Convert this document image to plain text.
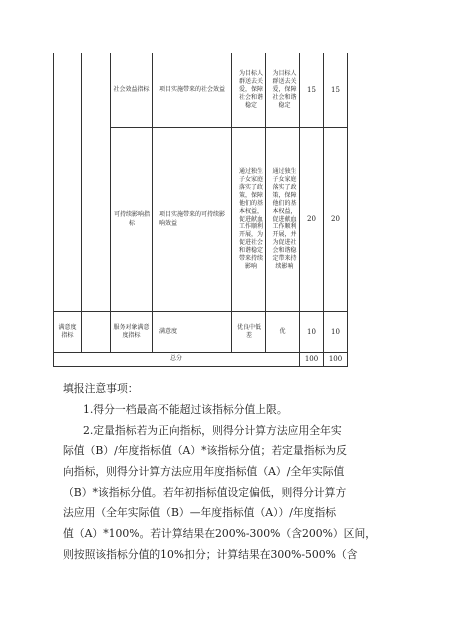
社会效益指标 项目实施带来的社会效益
为目标人群送去关爱，保障社会和谐稳定
为目标人群送去关爱，保障社会和谐稳定
15 15
可持续影响指标
项目实施带来的可持续影响效益
通过独生子女家庭落实了政策，保障他们的基本权益，促进献血工作顺利开展，为促进社会和谐稳定带来持续影响
通过独生子女家庭落实了政策，保障他们的基本权益，促进献血工作顺利开展，并为促进社会和谐稳定带来持续影响
20 20
满意度指标
服务对象满意度指标
满意度
优良中低差
优	10 10
总分	100 100

填报注意事项：

1.得分一档最高不能超过该指标分值上限。

2.定量指标若为正向指标，则得分计算方法应用全年实

际值（B）/年度指标值（A）*该指标分值；若定量指标为反

向指标，则得分计算方法应用年度指标值（A）/全年实际值

（B）*该指标分值。若年初指标值设定偏低，则得分计算方

法应用（全年实际值（B）—年度指标值（A））/年度指标

值（A）*100%。若计算结果在200%-300%（含200%）区间，

则按照该指标分值的10%扣分；计算结果在300%-500%（含
